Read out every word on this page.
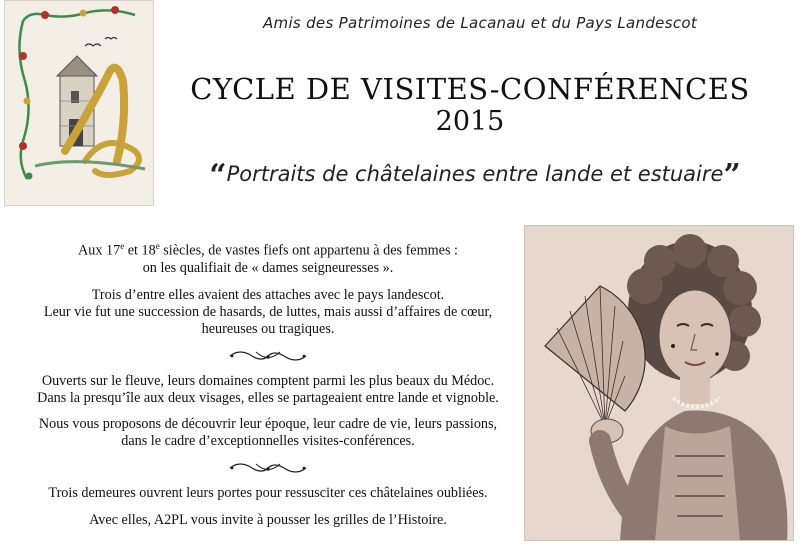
Amis des Patrimoines de Lacanau et du Pays Landescot
CYCLE DE VISITES-CONFÉRENCES
2015
“Portraits de châtelaines entre lande et estuaire”

Aux 17e et 18e siècles, de vastes fiefs ont appartenu à des femmes :
on les qualifiait de « dames seigneuresses ».

Trois d’entre elles avaient des attaches avec le pays landescot.
Leur vie fut une succession de hasards, de luttes, mais aussi d’affaires de cœur,
heureuses ou tragiques.

Ouverts sur le fleuve, leurs domaines comptent parmi les plus beaux du Médoc.
Dans la presqu’île aux deux visages, elles se partageaient entre lande et vignoble.

Nous vous proposons de découvrir leur époque, leur cadre de vie, leurs passions,
dans le cadre d’exceptionnelles visites-conférences.

Trois demeures ouvrent leurs portes pour ressusciter ces châtelaines oubliées.

Avec elles, A2PL vous invite à pousser les grilles de l’Histoire.
